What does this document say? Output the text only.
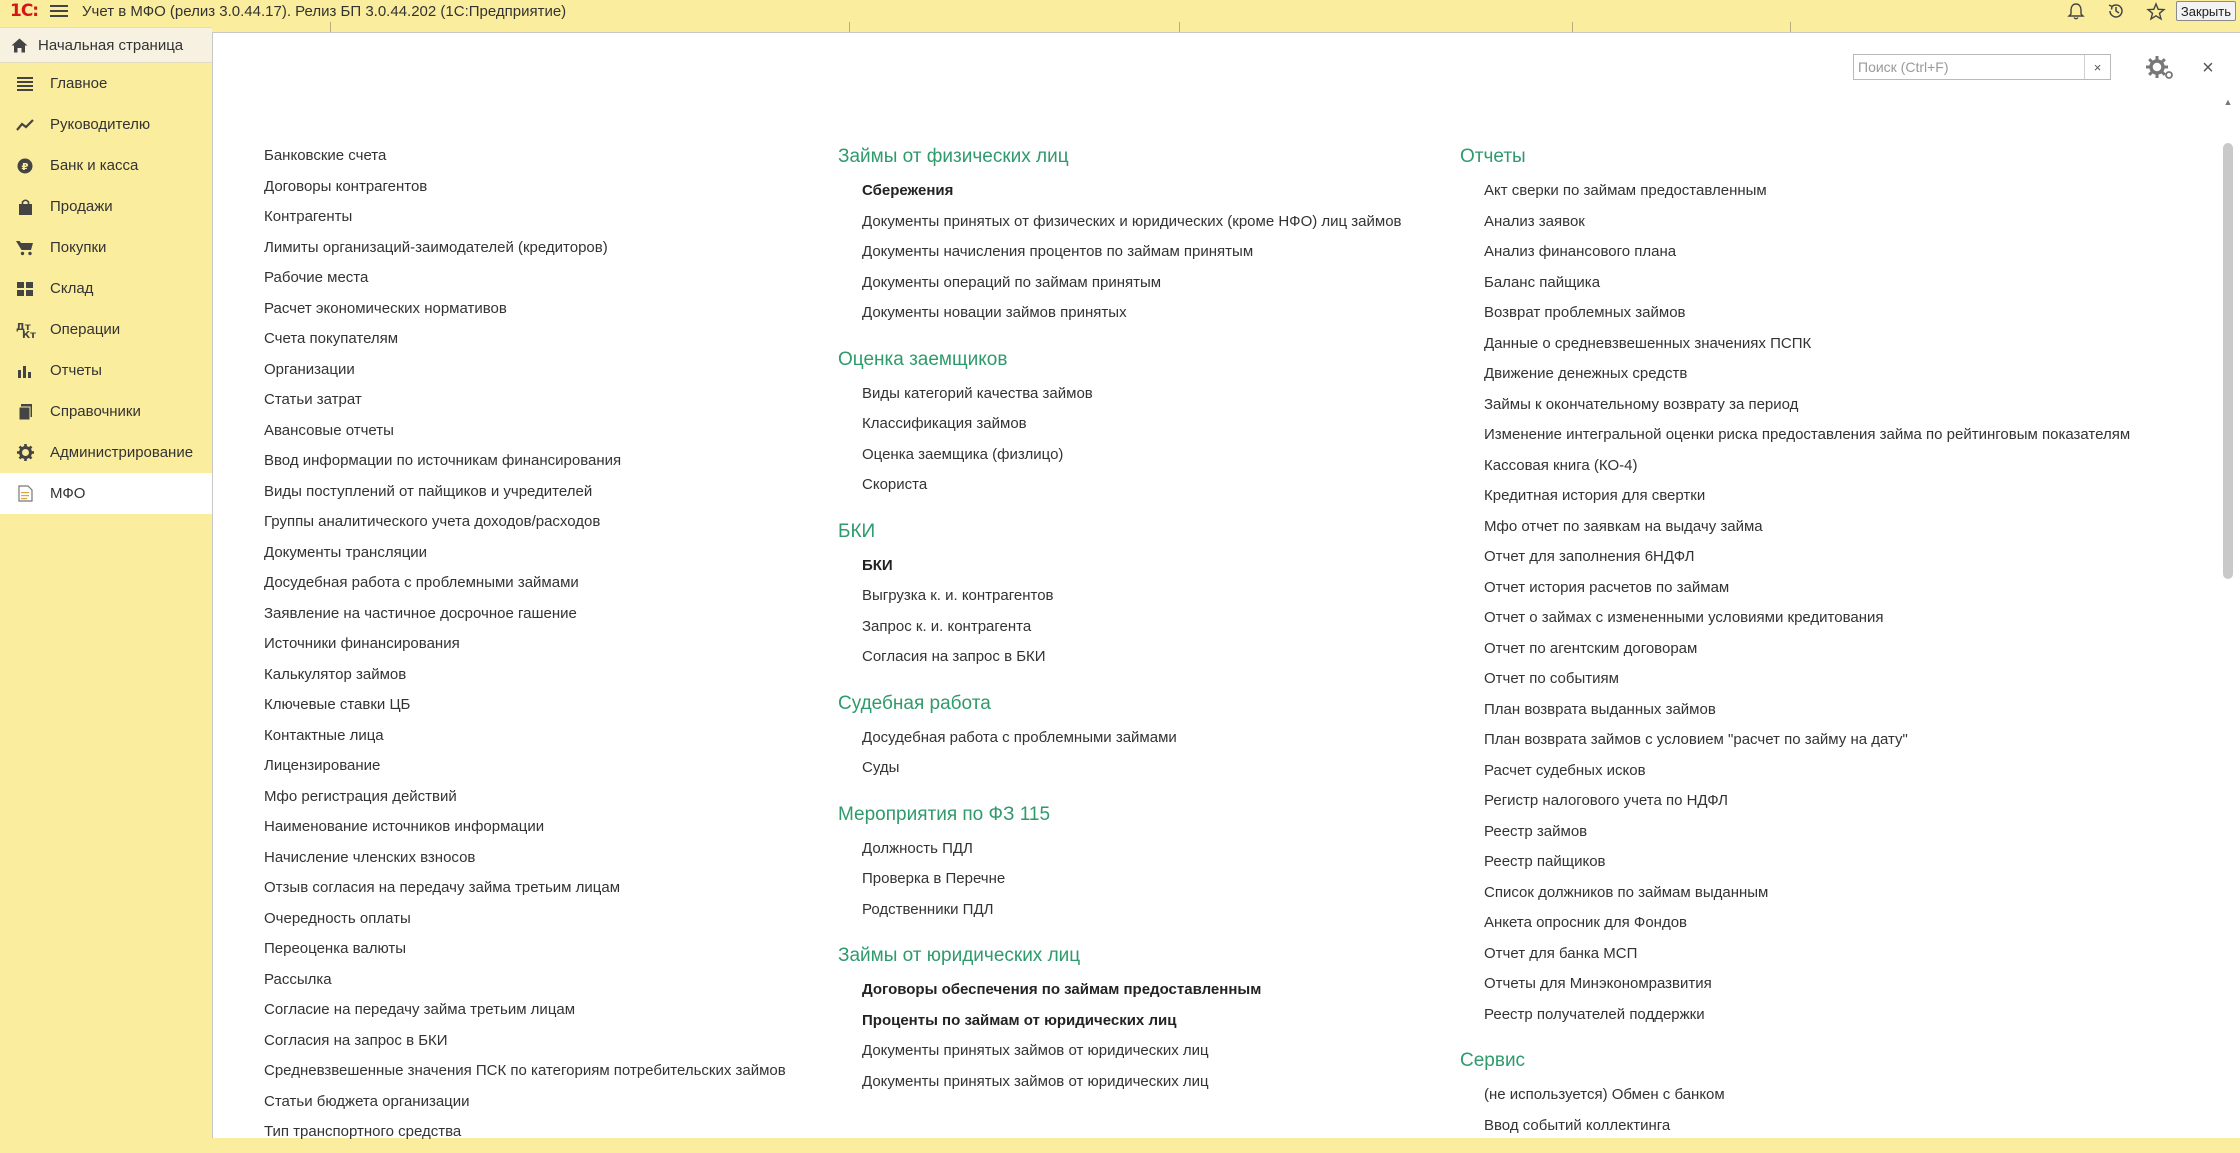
1С:	Учет в МФО (релиз 3.0.44.17). Релиз БП 3.0.44.202 (1С:Предприятие)	Закрыть
Начальная страница
Главное
Руководителю
₽ Банк и касса
Продажи
Покупки
Склад
Дт
Кт Операции
Отчеты
Справочники
Администрирование
МФО
Поиск (Ctrl+F)
×	×
Банковские счета
Договоры контрагентов
Контрагенты
Лимиты организаций-заимодателей (кредиторов)
Рабочие места
Расчет экономических нормативов
Счета покупателям
Организации
Статьи затрат
Авансовые отчеты
Ввод информации по источникам финансирования
Виды поступлений от пайщиков и учредителей
Группы аналитического учета доходов/расходов
Документы трансляции
Досудебная работа с проблемными займами
Заявление на частичное досрочное гашение
Источники финансирования
Калькулятор займов
Ключевые ставки ЦБ
Контактные лица
Лицензирование
Мфо регистрация действий
Наименование источников информации
Начисление членских взносов
Отзыв согласия на передачу займа третьим лицам
Очередность оплаты
Переоценка валюты
Рассылка
Согласие на передачу займа третьим лицам
Согласия на запрос в БКИ
Средневзвешенные значения ПСК по категориям потребительских займов
Статьи бюджета организации
Тип транспортного средства
Займы от физических лиц
Сбережения
Документы принятых от физических и юридических (кроме НФО) лиц займов
Документы начисления процентов по займам принятым
Документы операций по займам принятым
Документы новации займов принятых
Оценка заемщиков
Виды категорий качества займов
Классификация займов
Оценка заемщика (физлицо)
Скориста
БКИ
БКИ
Выгрузка к. и. контрагентов
Запрос к. и. контрагента
Согласия на запрос в БКИ
Судебная работа
Досудебная работа с проблемными займами
Суды
Мероприятия по ФЗ 115
Должность ПДЛ
Проверка в Перечне
Родственники ПДЛ
Займы от юридических лиц
Договоры обеспечения по займам предоставленным
Проценты по займам от юридических лиц
Документы принятых займов от юридических лиц
Документы принятых займов от юридических лиц
Отчеты
Акт сверки по займам предоставленным
Анализ заявок
Анализ финансового плана
Баланс пайщика
Возврат проблемных займов
Данные о средневзвешенных значениях ПСПК
Движение денежных средств
Займы к окончательному возврату за период
Изменение интегральной оценки риска предоставления займа по рейтинговым показателям
Кассовая книга (КО-4)
Кредитная история для свертки
Мфо отчет по заявкам на выдачу займа
Отчет для заполнения 6НДФЛ
Отчет история расчетов по займам
Отчет о займах с измененными условиями кредитования
Отчет по агентским договорам
Отчет по событиям
План возврата выданных займов
План возврата займов с условием "расчет по займу на дату"
Расчет судебных исков
Регистр налогового учета по НДФЛ
Реестр займов
Реестр пайщиков
Список должников по займам выданным
Анкета опросник для Фондов
Отчет для банка МСП
Отчеты для Минэкономразвития
Реестр получателей поддержки
Сервис
(не используется) Обмен с банком
Ввод событий коллектинга
▲
